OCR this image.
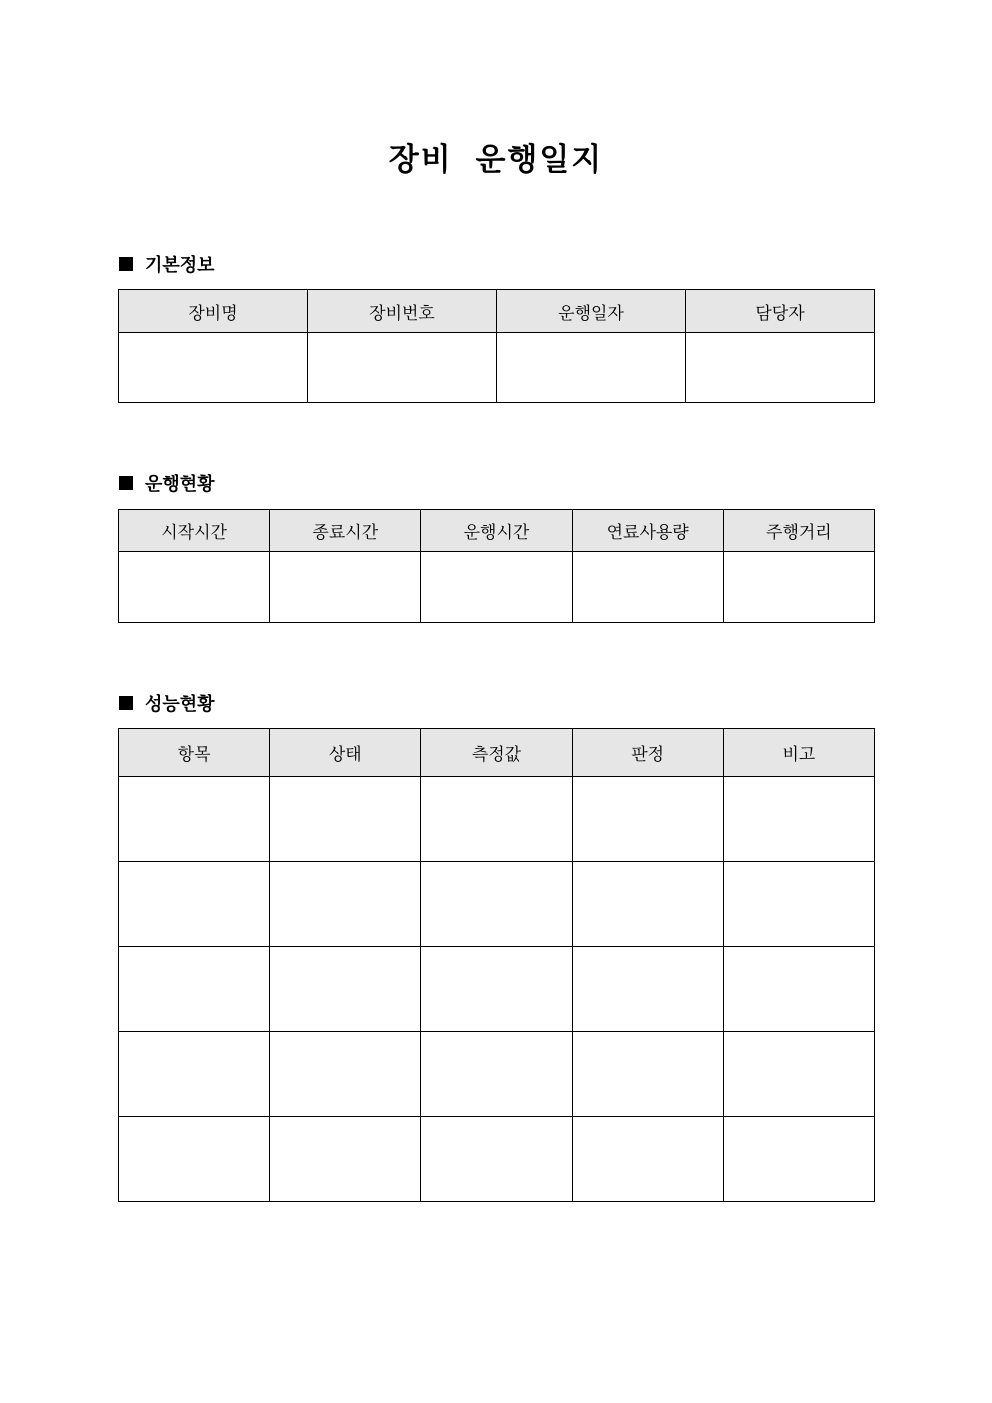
장비 운행일지
기본정보
장비명	장비번호	운행일자	담당자

운행현황
시작시간	종료시간	운행시간	연료사용량	주행거리

성능현황
항목	상태	측정값	판정	비고
